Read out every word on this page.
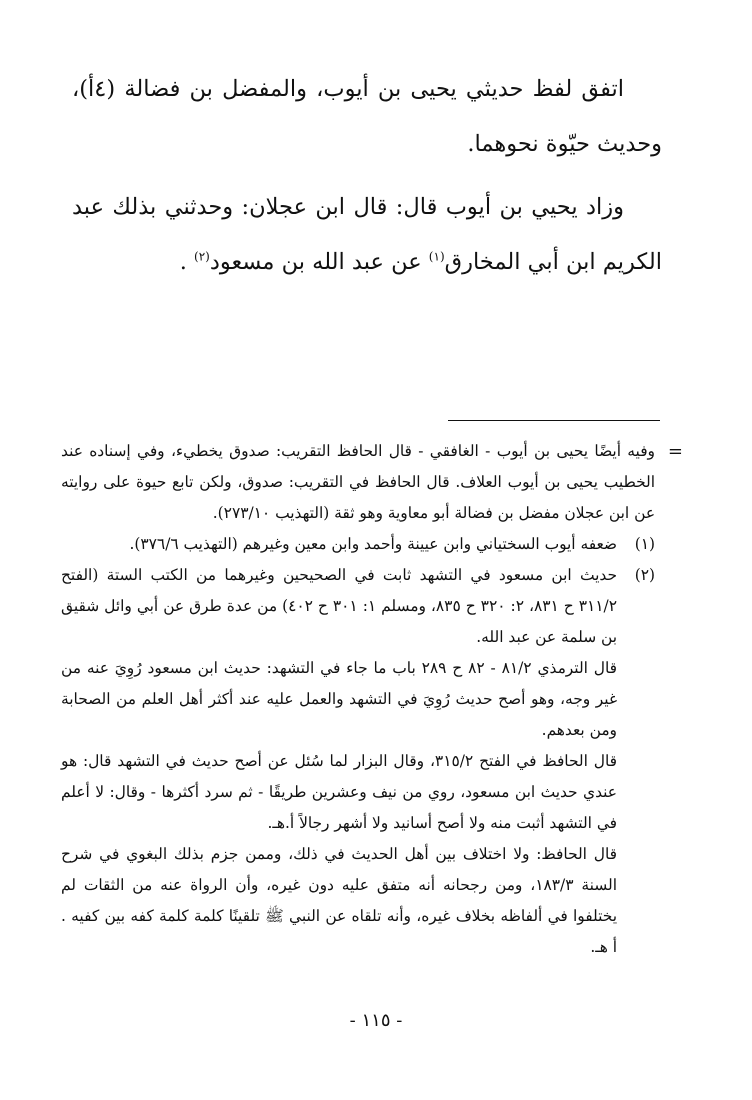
اتفق لفظ حديثي يحيى بن أيوب، والمفضل بن فضالة (٤أ)، وحديث حيّوة نحوهما.

وزاد يحيي بن أيوب قال: قال ابن عجلان: وحدثني بذلك عبد الكريم ابن أبي المخارق$^{(١)}$ عن عبد الله بن مسعود$^{(٢)}$ .

=

وفيه أيضًا يحيى بن أيوب - الغافقي - قال الحافظ التقريب: صدوق يخطيء، وفي إسناده عند الخطيب يحيى بن أيوب العلاف. قال الحافظ في التقريب: صدوق، ولكن تابع حيوة على روايته عن ابن عجلان مفضل بن فضالة أبو معاوية وهو ثقة (التهذيب ٢٧٣/١٠).

(١)

ضعفه أيوب السختياني وابن عيينة وأحمد وابن معين وغيرهم (التهذيب ٣٧٦/٦).

(٢)

حديث ابن مسعود في التشهد ثابت في الصحيحين وغيرهما من الكتب الستة (الفتح ٣١١/٢ ح ٨٣١، ٢: ٣٢٠ ح ٨٣٥، ومسلم ١: ٣٠١ ح ٤٠٢) من عدة طرق عن أبي وائل شقيق بن سلمة عن عبد الله.

قال الترمذي ٨١/٢ - ٨٢ ح ٢٨٩ باب ما جاء في التشهد: حديث ابن مسعود رُوِيَ عنه من غير وجه، وهو أصح حديث رُوِيَ في التشهد والعمل عليه عند أكثر أهل العلم من الصحابة ومن بعدهم.

قال الحافظ في الفتح ٣١٥/٢، وقال البزار لما سُئل عن أصح حديث في التشهد قال: هو عندي حديث ابن مسعود، روي من نيف وعشرين طريقًا - ثم سرد أكثرها - وقال: لا أعلم في التشهد أثبت منه ولا أصح أسانيد ولا أشهر رجالاً أ.هـ.

قال الحافظ: ولا اختلاف بين أهل الحديث في ذلك، وممن جزم بذلك البغوي في شرح السنة ١٨٣/٣، ومن رجحانه أنه متفق عليه دون غيره، وأن الرواة عنه من الثقات لم يختلفوا في ألفاظه بخلاف غيره، وأنه تلقاه عن النبي ﷺ تلقينًا كلمة كلمة كفه بين كفيه . أ هـ.

- ١١٥ -
